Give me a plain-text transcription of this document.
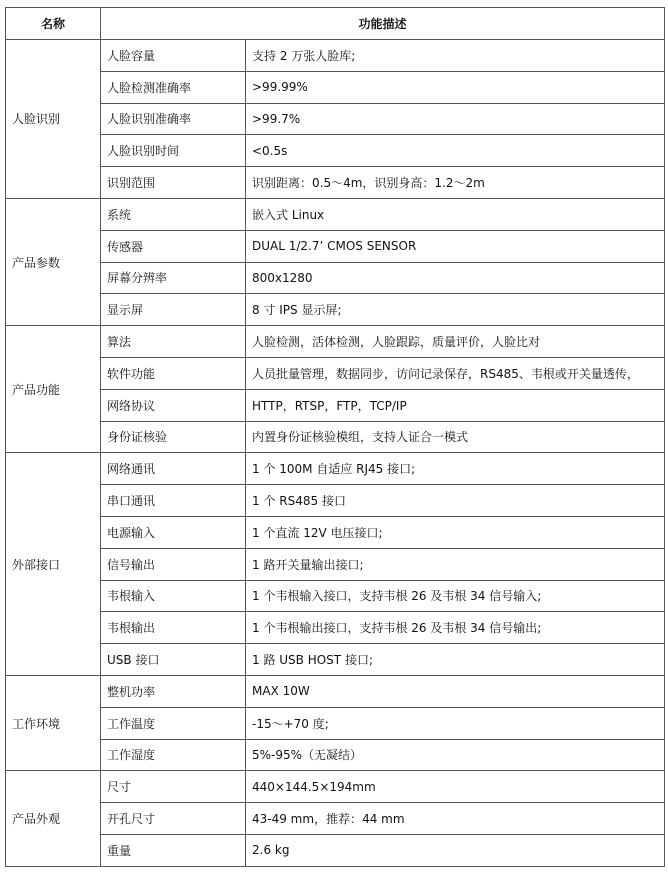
名称	功能描述	
人脸识别	人脸容量	支持 2 万张人脸库;
	人脸检测准确率	>99.99%
	人脸识别准确率	>99.7%
	人脸识别时间	<0.5s
	识别范围	识别距离：0.5～4m，识别身高：1.2～2m
产品参数	系统	嵌入式 Linux
	传感器	DUAL 1/2.7’ CMOS SENSOR
	屏幕分辨率	800x1280
	显示屏	8 寸 IPS 显示屏;
产品功能	算法	人脸检测，活体检测，人脸跟踪，质量评价，人脸比对
	软件功能	人员批量管理，数据同步，访问记录保存，RS485、韦根或开关量透传，
	网络协议	HTTP，RTSP，FTP，TCP/IP
	身份证核验	内置身份证核验模组，支持人证合一模式
外部接口	网络通讯	1 个 100M 自适应 RJ45 接口;
	串口通讯	1 个 RS485 接口
	电源输入	1 个直流 12V 电压接口;
	信号输出	1 路开关量输出接口;
	韦根输入	1 个韦根输入接口，支持韦根 26 及韦根 34 信号输入;
	韦根输出	1 个韦根输出接口，支持韦根 26 及韦根 34 信号输出;
	USB 接口	1 路 USB HOST 接口;
工作环境	整机功率	MAX 10W
	工作温度	-15～+70 度;
	工作湿度	5%-95%（无凝结）
产品外观	尺寸	440×144.5×194mm
	开孔尺寸	43-49 mm，推荐：44 mm
	重量	2.6 kg
